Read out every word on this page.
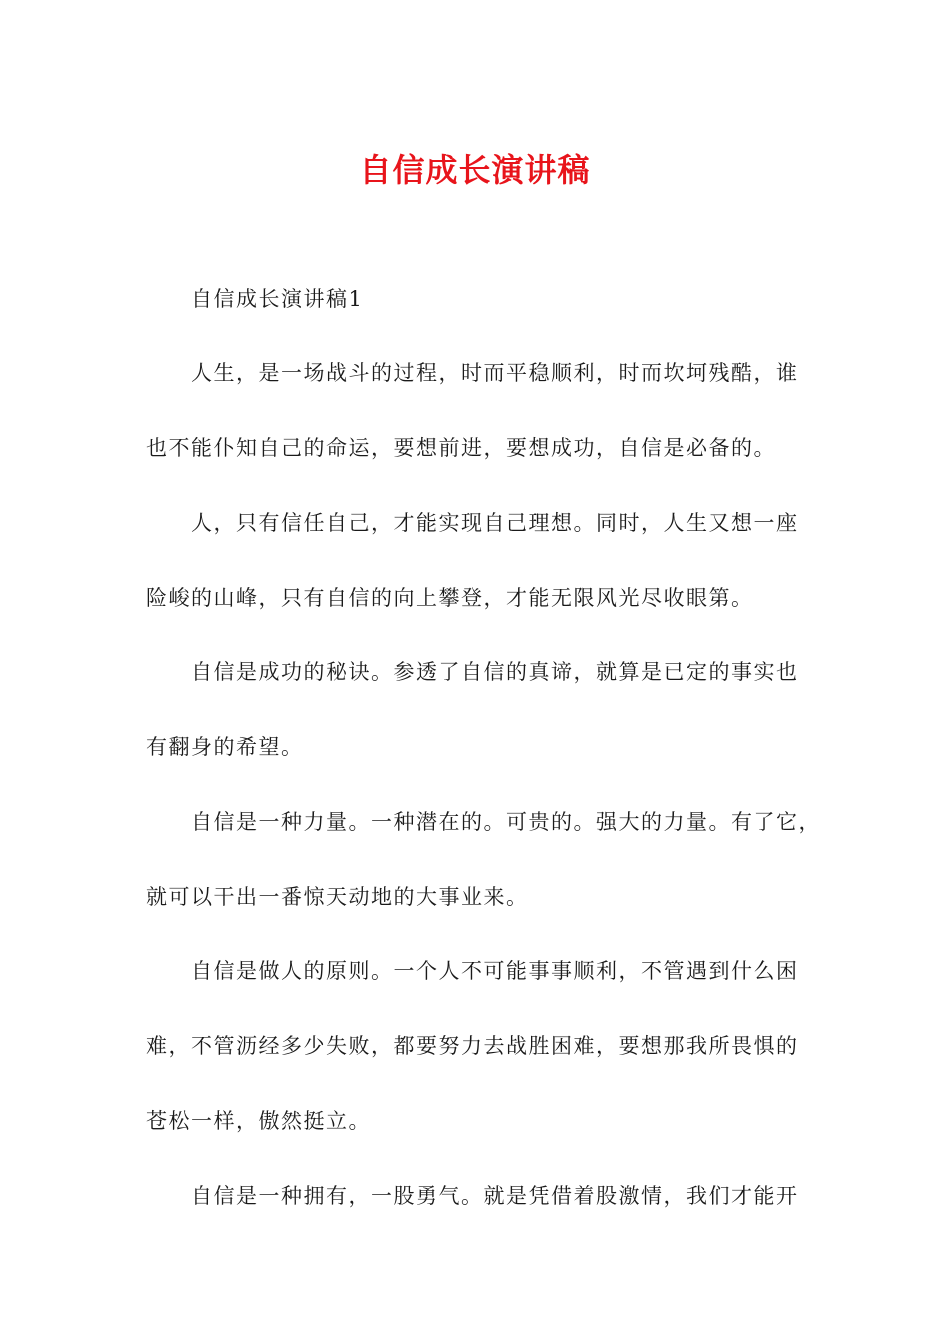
自信成长演讲稿
自信成长演讲稿1
人生，是一场战斗的过程，时而平稳顺利，时而坎坷残酷，谁
也不能仆知自己的命运，要想前进，要想成功，自信是必备的。
人，只有信任自己，才能实现自己理想。同时，人生又想一座
险峻的山峰，只有自信的向上攀登，才能无限风光尽收眼第。
自信是成功的秘诀。参透了自信的真谛，就算是已定的事实也
有翻身的希望。
自信是一种力量。一种潜在的。可贵的。强大的力量。有了它，
就可以干出一番惊天动地的大事业来。
自信是做人的原则。一个人不可能事事顺利，不管遇到什么困
难，不管沥经多少失败，都要努力去战胜困难，要想那我所畏惧的
苍松一样，傲然挺立。
自信是一种拥有，一股勇气。就是凭借着股激情，我们才能开
